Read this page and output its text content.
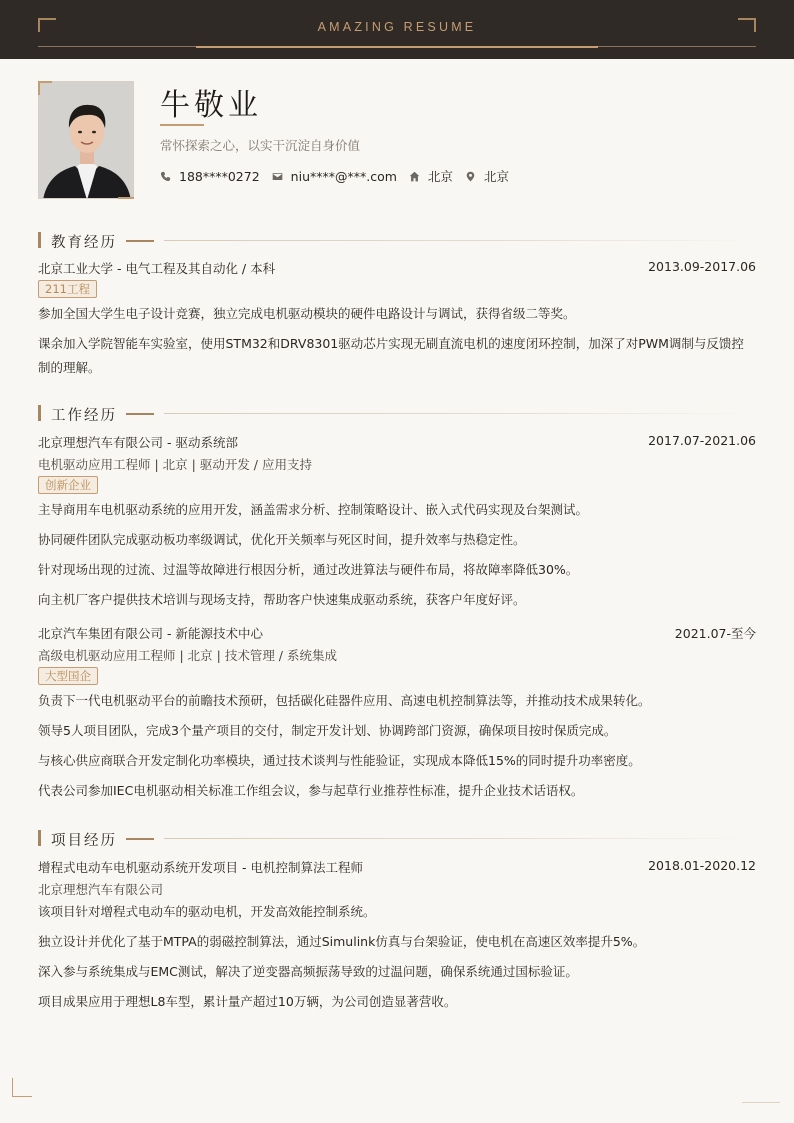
AMAZING RESUME
牛敬业
常怀探索之心，以实干沉淀自身价值
188****0272 niu****@***.com 北京 北京
教育经历
北京工业大学 - 电气工程及其自动化 / 本科	2013.09-2017.06
211工程
参加全国大学生电子设计竞赛，独立完成电机驱动模块的硬件电路设计与调试，获得省级二等奖。
课余加入学院智能车实验室，使用STM32和DRV8301驱动芯片实现无刷直流电机的速度闭环控制，加深了对PWM调制与反馈控制的理解。
工作经历
北京理想汽车有限公司 - 驱动系统部	2017.07-2021.06
电机驱动应用工程师 | 北京 | 驱动开发 / 应用支持
创新企业
主导商用车电机驱动系统的应用开发，涵盖需求分析、控制策略设计、嵌入式代码实现及台架测试。
协同硬件团队完成驱动板功率级调试，优化开关频率与死区时间，提升效率与热稳定性。
针对现场出现的过流、过温等故障进行根因分析，通过改进算法与硬件布局，将故障率降低30%。
向主机厂客户提供技术培训与现场支持，帮助客户快速集成驱动系统，获客户年度好评。
北京汽车集团有限公司 - 新能源技术中心	2021.07-至今
高级电机驱动应用工程师 | 北京 | 技术管理 / 系统集成
大型国企
负责下一代电机驱动平台的前瞻技术预研，包括碳化硅器件应用、高速电机控制算法等，并推动技术成果转化。
领导5人项目团队，完成3个量产项目的交付，制定开发计划、协调跨部门资源，确保项目按时保质完成。
与核心供应商联合开发定制化功率模块，通过技术谈判与性能验证，实现成本降低15%的同时提升功率密度。
代表公司参加IEC电机驱动相关标准工作组会议，参与起草行业推荐性标准，提升企业技术话语权。
项目经历
增程式电动车电机驱动系统开发项目 - 电机控制算法工程师	2018.01-2020.12
北京理想汽车有限公司
该项目针对增程式电动车的驱动电机，开发高效能控制系统。
独立设计并优化了基于MTPA的弱磁控制算法，通过Simulink仿真与台架验证，使电机在高速区效率提升5%。
深入参与系统集成与EMC测试，解决了逆变器高频振荡导致的过温问题，确保系统通过国标验证。
项目成果应用于理想L8车型，累计量产超过10万辆，为公司创造显著营收。
